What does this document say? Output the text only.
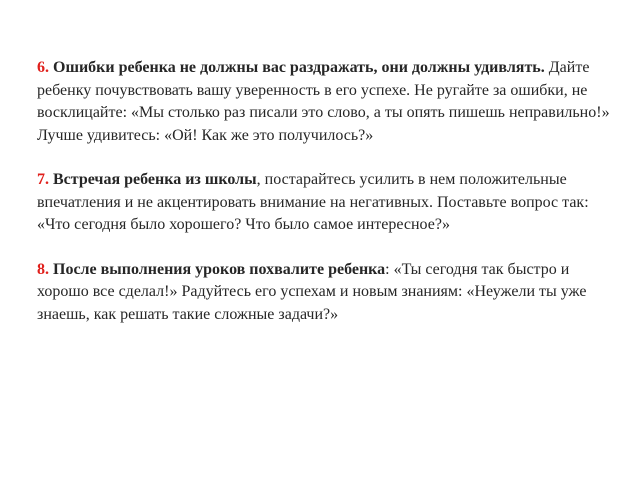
6. Ошибки ребенка не должны вас раздражать, они должны удивлять. Дайте ребенку почувствовать вашу уверенность в его успехе. Не ругайте за ошибки, не восклицайте: «Мы столько раз писали это слово, а ты опять пишешь неправильно!» Лучше удивитесь: «Ой! Как же это получилось?»

7. Встречая ребенка из школы, постарайтесь усилить в нем положительные впечатления и не акцентировать внимание на негативных. Поставьте вопрос так: «Что сегодня было хорошего? Что было самое интересное?»

8. После выполнения уроков похвалите ребенка: «Ты сегодня так быстро и хорошо все сделал!» Радуйтесь его успехам и новым знаниям: «Неужели ты уже знаешь, как решать такие сложные задачи?»
